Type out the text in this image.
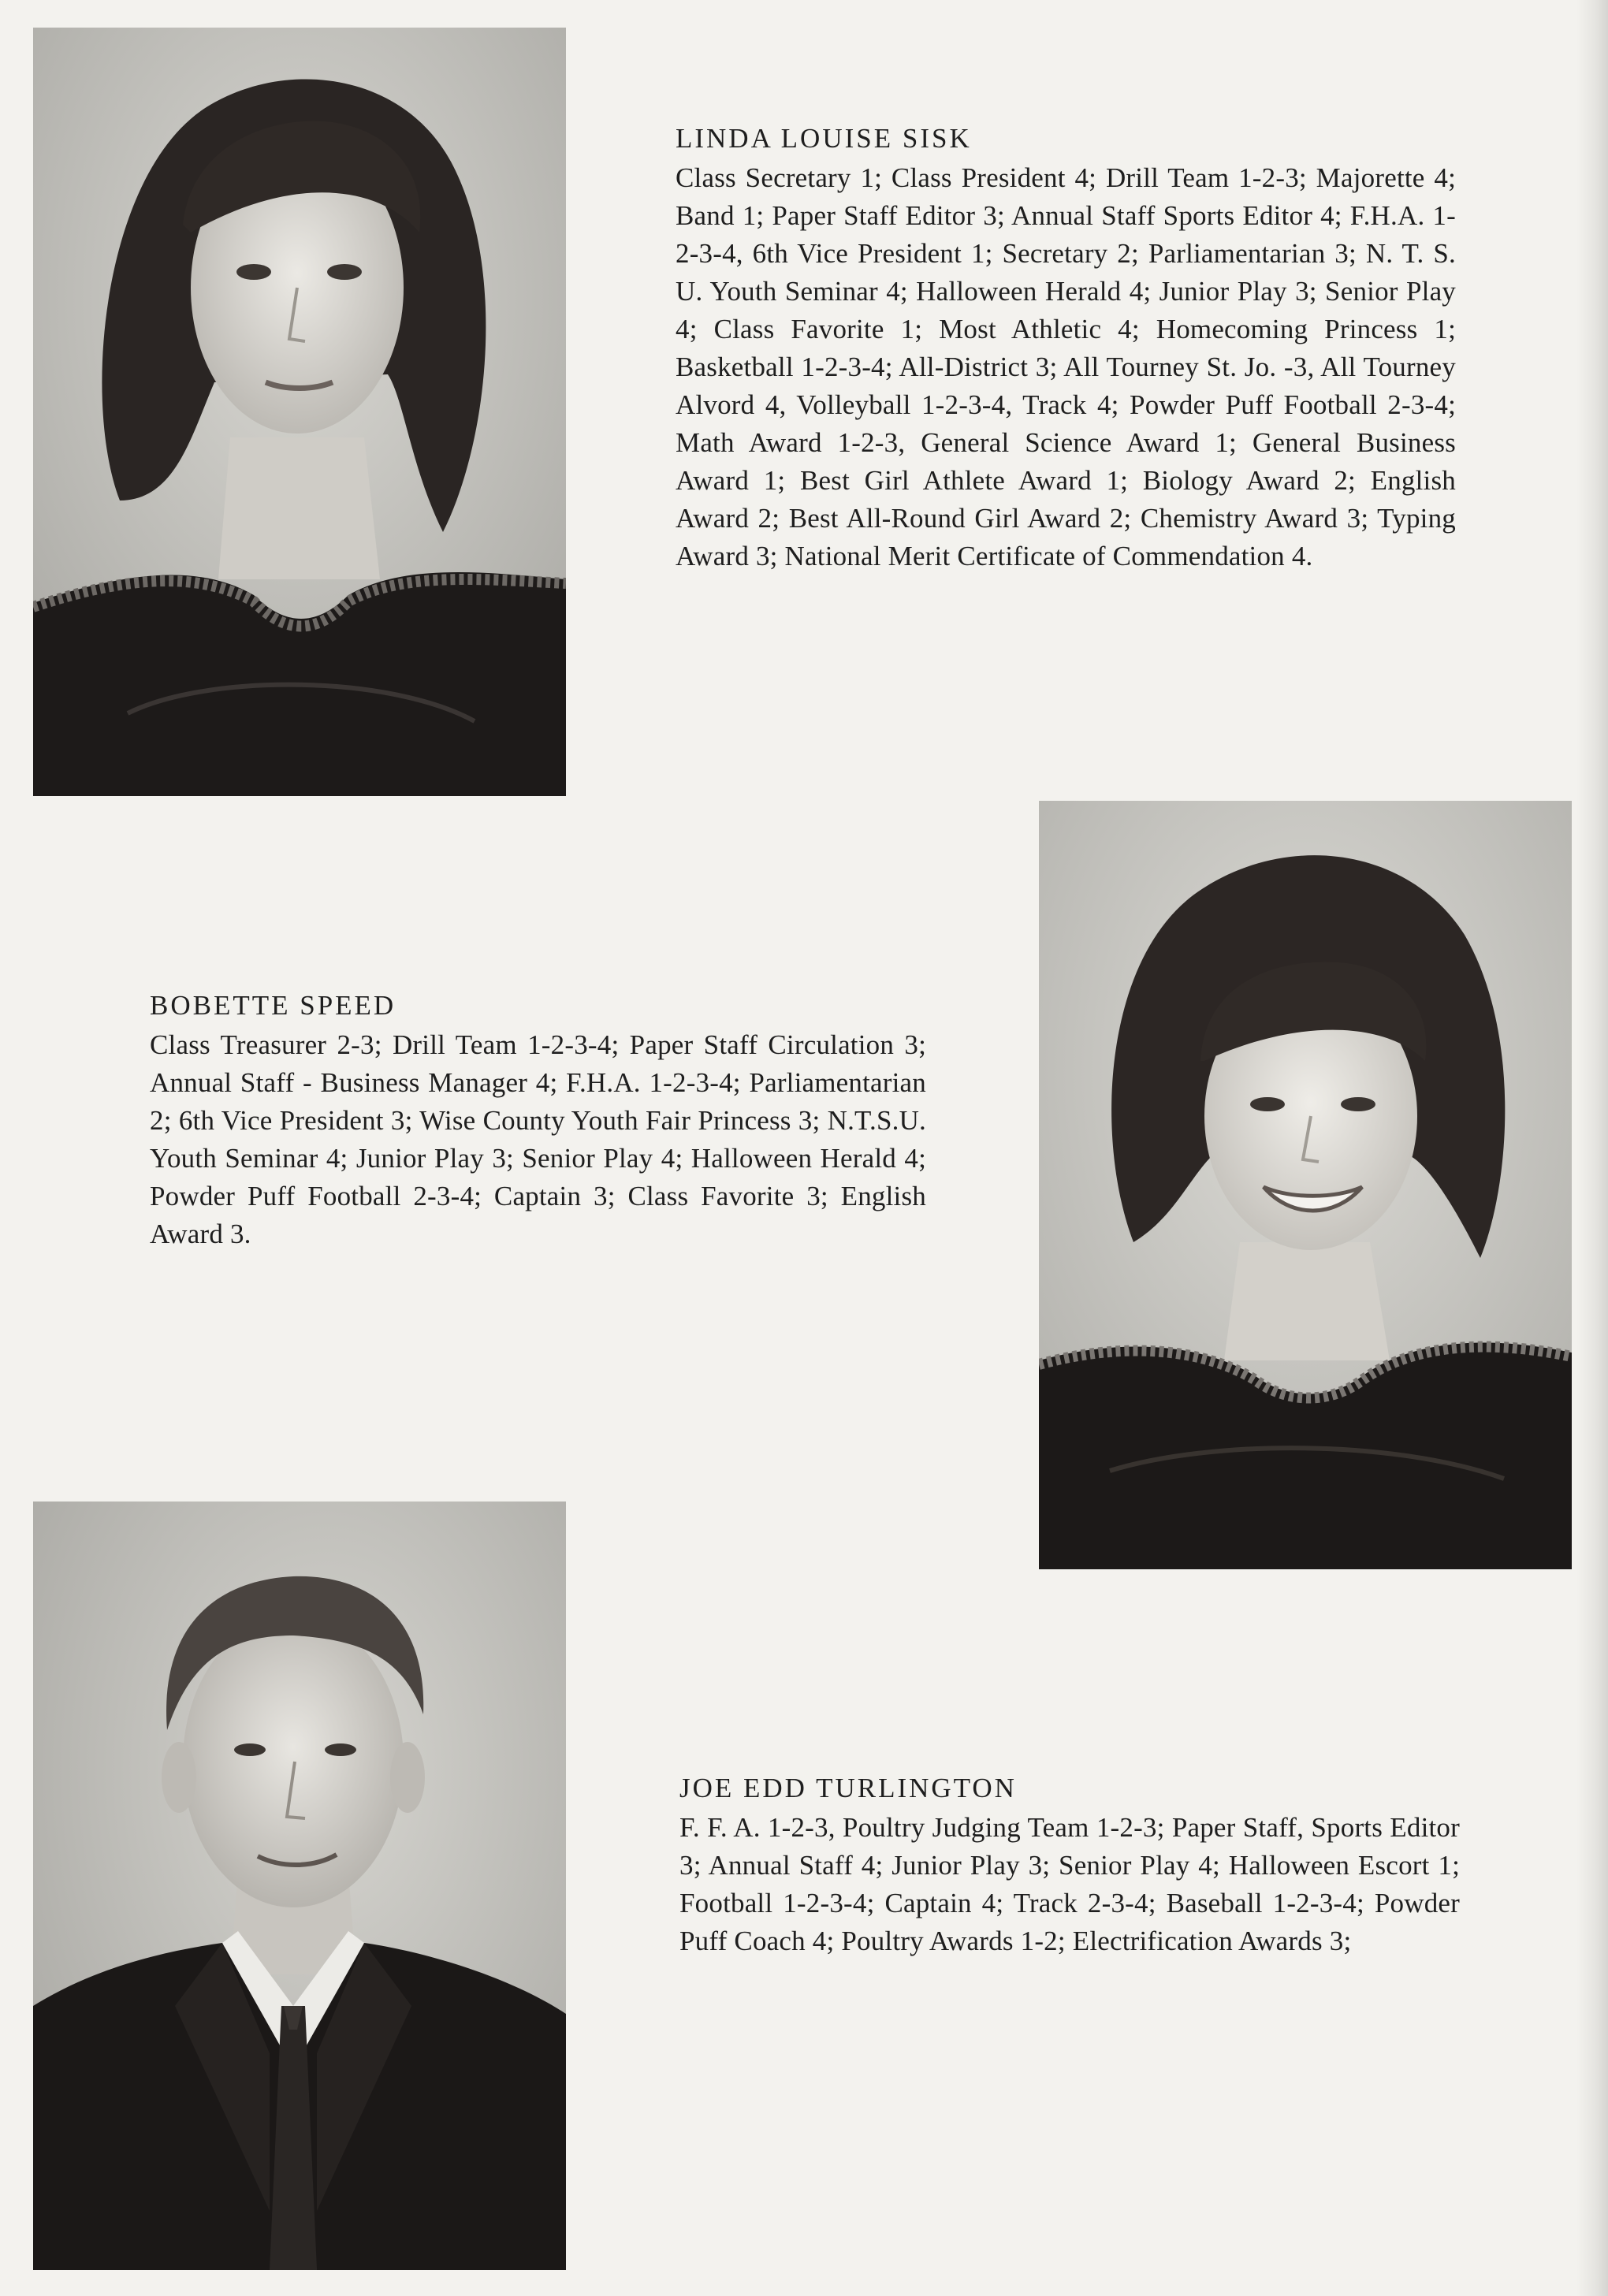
LINDA LOUISE SISK
Class Secretary 1; Class President 4; Drill Team 1-2-3; Majorette 4; Band 1; Paper Staff Editor 3; Annual Staff Sports Editor 4; F.H.A. 1-2-3-4, 6th Vice President 1; Secretary 2; Parliamentarian 3; N. T. S. U. Youth Seminar 4; Halloween Herald 4; Junior Play 3; Senior Play 4; Class Favorite 1; Most Athletic 4; Homecoming Princess 1; Basketball 1-2-3-4; All-District 3; All Tourney St. Jo. -3, All Tourney Alvord 4, Volleyball 1-2-3-4, Track 4; Powder Puff Football 2-3-4; Math Award 1-2-3, General Science Award 1; General Business Award 1; Best Girl Athlete Award 1; Biology Award 2; English Award 2; Best All-Round Girl Award 2; Chemistry Award 3; Typing Award 3; National Merit Certificate of Commendation 4.
BOBETTE SPEED
Class Treasurer 2-3; Drill Team 1-2-3-4; Paper Staff Circulation 3; Annual Staff - Business Manager 4; F.H.A. 1-2-3-4; Parliamentarian 2; 6th Vice President 3; Wise County Youth Fair Princess 3; N.T.S.U. Youth Seminar 4; Junior Play 3; Senior Play 4; Halloween Herald 4; Powder Puff Football 2-3-4; Captain 3; Class Favorite 3; English Award 3.
JOE EDD TURLINGTON
F. F. A. 1-2-3, Poultry Judging Team 1-2-3; Paper Staff, Sports Editor 3; Annual Staff 4; Junior Play 3; Senior Play 4; Halloween Escort 1; Football 1-2-3-4; Captain 4; Track 2-3-4; Baseball 1-2-3-4; Powder Puff Coach 4; Poultry Awards 1-2; Electrification Awards 3;
